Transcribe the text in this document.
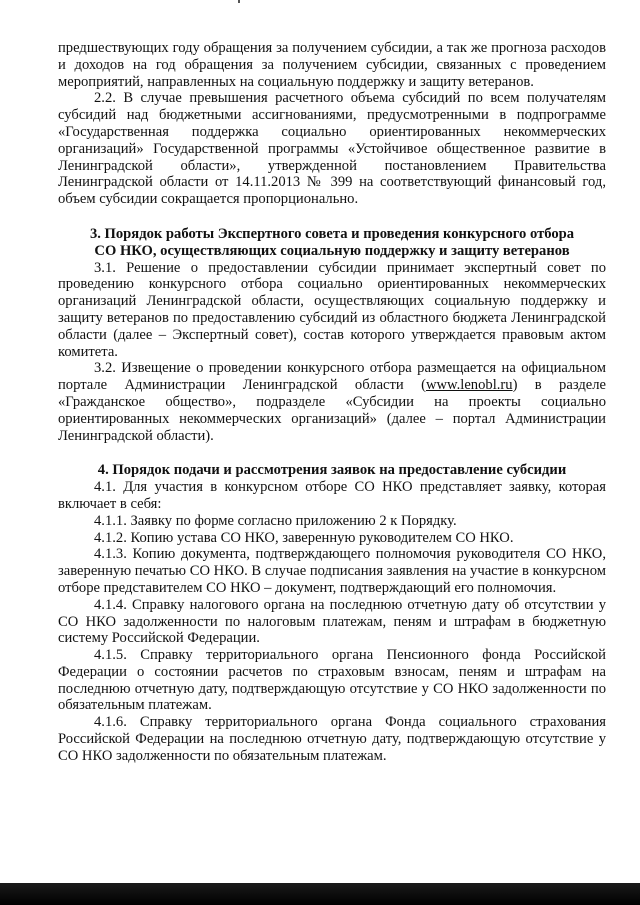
предшествующих году обращения за получением субсидии, а так же прогноза расходов и доходов на год обращения за получением субсидии, связанных с проведением мероприятий, направленных на социальную поддержку и защиту ветеранов.

2.2. В случае превышения расчетного объема субсидий по всем получателям субсидий над бюджетными ассигнованиями, предусмотренными в подпрограмме «Государственная поддержка социально ориентированных некоммерческих организаций» Государственной программы «Устойчивое общественное развитие в Ленинградской области», утвержденной постановлением Правительства Ленинградской области от 14.11.2013 № 399 на соответствующий финансовый год, объем субсидии сокращается пропорционально.

3. Порядок работы Экспертного совета и проведения конкурсного отбора

СО НКО, осуществляющих социальную поддержку и защиту ветеранов

3.1. Решение о предоставлении субсидии принимает экспертный совет по проведению конкурсного отбора социально ориентированных некоммерческих организаций Ленинградской области, осуществляющих социальную поддержку и защиту ветеранов по предоставлению субсидий из областного бюджета Ленинградской области (далее – Экспертный совет), состав которого утверждается правовым актом комитета.

3.2. Извещение о проведении конкурсного отбора размещается на официальном портале Администрации Ленинградской области (www.lenobl.ru) в разделе «Гражданское общество», подразделе «Субсидии на проекты социально ориентированных некоммерческих организаций» (далее – портал Администрации Ленинградской области).

4. Порядок подачи и рассмотрения заявок на предоставление субсидии

4.1. Для участия в конкурсном отборе СО НКО представляет заявку, которая включает в себя:

4.1.1. Заявку по форме согласно приложению 2 к Порядку.

4.1.2. Копию устава СО НКО, заверенную руководителем СО НКО.

4.1.3. Копию документа, подтверждающего полномочия руководителя СО НКО, заверенную печатью СО НКО. В случае подписания заявления на участие в конкурсном отборе представителем СО НКО – документ, подтверждающий его полномочия.

4.1.4. Справку налогового органа на последнюю отчетную дату об отсутствии у СО НКО задолженности по налоговым платежам, пеням и штрафам в бюджетную систему Российской Федерации.

4.1.5. Справку территориального органа Пенсионного фонда Российской Федерации о состоянии расчетов по страховым взносам, пеням и штрафам на последнюю отчетную дату, подтверждающую отсутствие у СО НКО задолженности по обязательным платежам.

4.1.6. Справку территориального органа Фонда социального страхования Российской Федерации на последнюю отчетную дату, подтверждающую отсутствие у СО НКО задолженности по обязательным платежам.
